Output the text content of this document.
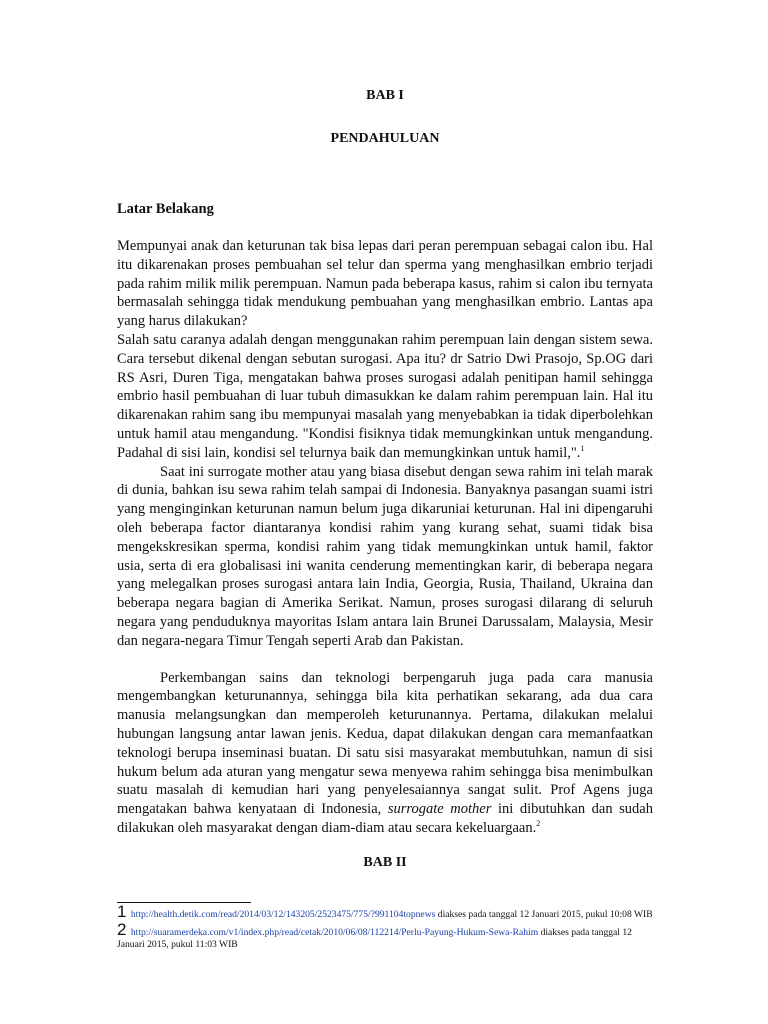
BAB I

PENDAHULUAN

Latar Belakang

Mempunyai anak dan keturunan tak bisa lepas dari peran perempuan sebagai calon ibu. Hal itu dikarenakan proses pembuahan sel telur dan sperma yang menghasilkan embrio terjadi pada rahim milik milik perempuan. Namun pada beberapa kasus, rahim si calon ibu ternyata bermasalah sehingga tidak mendukung pembuahan yang menghasilkan embrio. Lantas apa yang harus dilakukan?

Salah satu caranya adalah dengan menggunakan rahim perempuan lain dengan sistem sewa. Cara tersebut dikenal dengan sebutan surogasi. Apa itu? dr Satrio Dwi Prasojo, Sp.OG dari RS Asri, Duren Tiga, mengatakan bahwa proses surogasi adalah penitipan hamil sehingga embrio hasil pembuahan di luar tubuh dimasukkan ke dalam rahim perempuan lain. Hal itu dikarenakan rahim sang ibu mempunyai masalah yang menyebabkan ia tidak diperbolehkan untuk hamil atau mengandung. "Kondisi fisiknya tidak memungkinkan untuk mengandung. Padahal di sisi lain, kondisi sel telurnya baik dan memungkinkan untuk hamil,".$^1$

Saat ini surrogate mother atau yang biasa disebut dengan sewa rahim ini telah marak di dunia, bahkan isu sewa rahim telah sampai di Indonesia. Banyaknya pasangan suami istri yang menginginkan keturunan namun belum juga dikaruniai keturunan. Hal ini dipengaruhi oleh beberapa factor diantaranya kondisi rahim yang kurang sehat, suami tidak bisa mengekskresikan sperma, kondisi rahim yang tidak memungkinkan untuk hamil, faktor usia, serta di era globalisasi ini wanita cenderung mementingkan karir, di beberapa negara yang melegalkan proses surogasi antara lain India, Georgia, Rusia, Thailand, Ukraina dan beberapa negara bagian di Amerika Serikat. Namun, proses surogasi dilarang di seluruh negara yang penduduknya mayoritas Islam antara lain Brunei Darussalam, Malaysia, Mesir dan negara-negara Timur Tengah seperti Arab dan Pakistan.

Perkembangan sains dan teknologi berpengaruh juga pada cara manusia mengembangkan keturunannya, sehingga bila kita perhatikan sekarang, ada dua cara manusia melangsungkan dan memperoleh keturunannya. Pertama, dilakukan melalui hubungan langsung antar lawan jenis. Kedua, dapat dilakukan dengan cara memanfaatkan teknologi berupa inseminasi buatan. Di satu sisi masyarakat membutuhkan, namun di sisi hukum belum ada aturan yang mengatur sewa menyewa rahim sehingga bisa menimbulkan suatu masalah di kemudian hari yang penyelesaiannya sangat sulit. Prof Agens juga mengatakan bahwa kenyataan di Indonesia, surrogate mother ini dibutuhkan dan sudah dilakukan oleh masyarakat dengan diam-diam atau secara kekeluargaan.$^2$

BAB II

1 http://health.detik.com/read/2014/03/12/143205/2523475/775/?991104topnews diakses pada tanggal 12 Januari 2015, pukul 10:08 WIB

2 http://suaramerdeka.com/v1/index.php/read/cetak/2010/06/08/112214/Perlu-Payung-Hukum-Sewa-Rahim diakses pada tanggal 12 Januari 2015, pukul 11:03 WIB
